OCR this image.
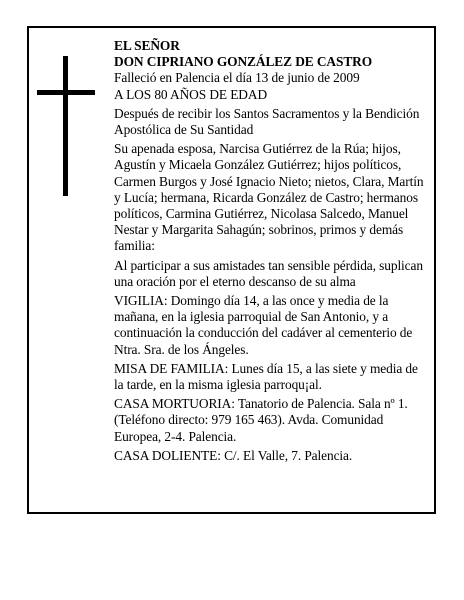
EL SEÑOR

DON CIPRIANO GONZÁLEZ DE CASTRO

Falleció en Palencia el día 13 de junio de 2009

A LOS 80 AÑOS DE EDAD

Después de recibir los Santos Sacramentos y la Bendición Apostólica de Su Santidad

Su apenada esposa, Narcisa Gutiérrez de la Rúa; hijos, Agustín y Micaela González Gutiérrez; hijos políticos, Carmen Burgos y José Ignacio Nieto; nietos, Clara, Martín y Lucía; hermana, Ricarda González de Castro; hermanos políticos, Carmina Gutiérrez, Nicolasa Salcedo, Manuel Nestar y Margarita Sahagún; sobrinos, primos y demás familia:

Al participar a sus amistades tan sensible pérdida, suplican una oración por el eterno descanso de su alma

VIGILIA: Domingo día 14, a las once y media de la mañana, en la iglesia parroquial de San Antonio, y a continuación la conducción del cadáver al cementerio de Ntra. Sra. de los Ángeles.

MISA DE FAMILIA: Lunes día 15, a las siete y media de la tarde, en la misma iglesia parroqu¡al.

CASA MORTUORIA: Tanatorio de Palencia. Sala nº 1. (Teléfono directo: 979 165 463). Avda. Comunidad Europea, 2-4. Palencia.

CASA DOLIENTE: C/. El Valle, 7. Palencia.
